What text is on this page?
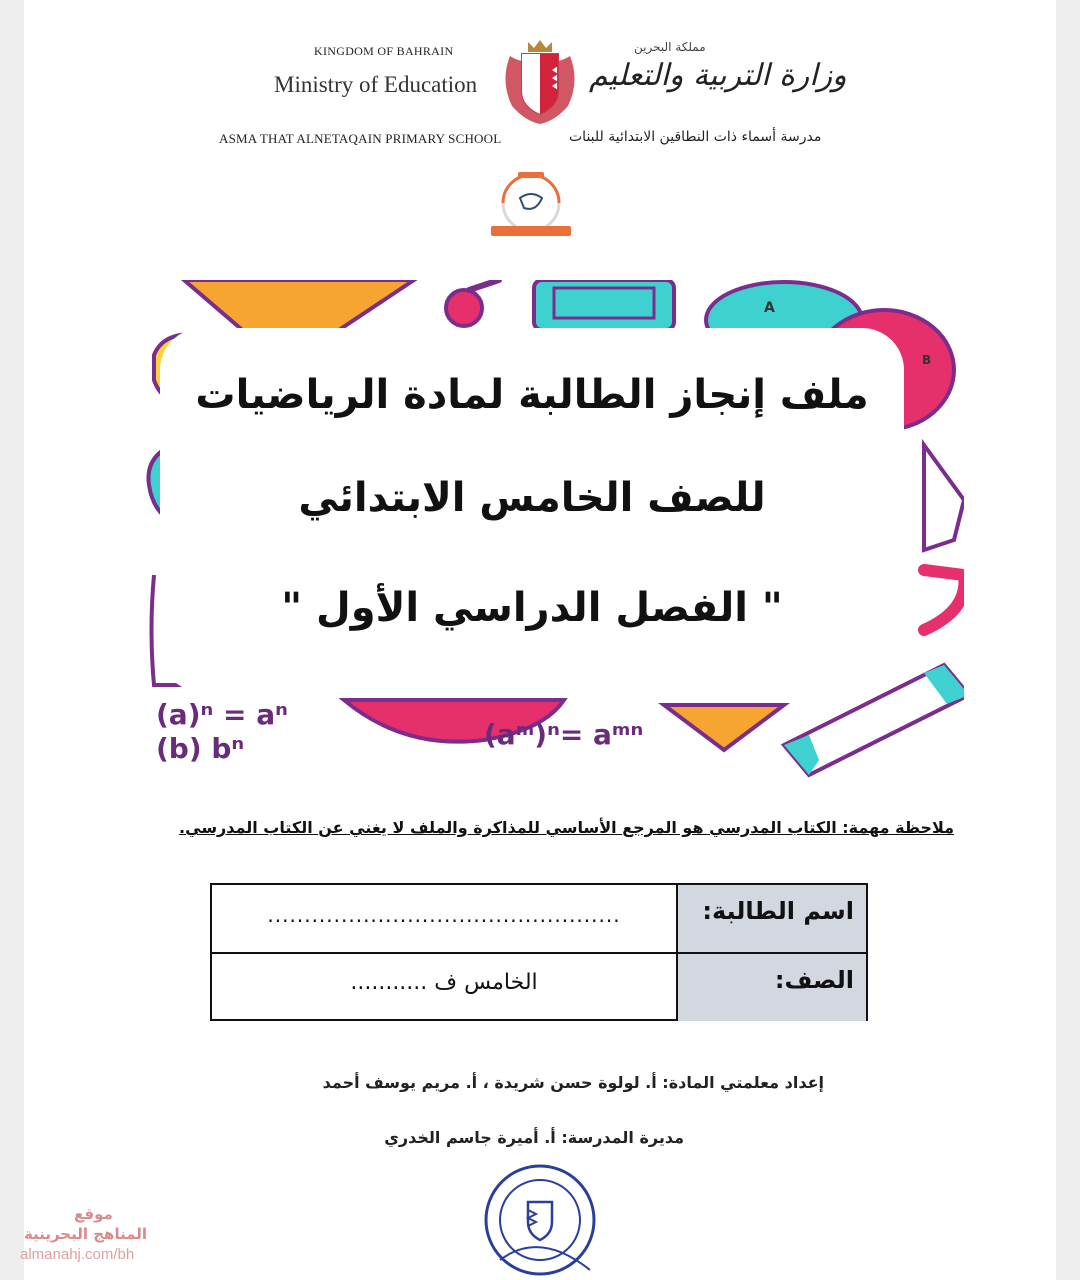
KINGDOM OF BAHRAIN
Ministry of Education
ASMA THAT ALNETAQAIN PRIMARY SCHOOL
مملكة البحرين
وزارة التربية والتعليم
مدرسة أسماء ذات النطاقين الابتدائية للبنات
A
B
(a)ⁿ = aⁿ
(b) bⁿ	(aᵐ)ⁿ= aᵐⁿ
ملف إنجاز الطالبة لمادة الرياضيات
للصف الخامس الابتدائي
" الفصل الدراسي الأول "
ملاحظة مهمة: الكتاب المدرسي هو المرجع الأساسي للمذاكرة والملف لا يغني عن الكتاب المدرسي.
اسم الطالبة:
................................................
الصف:
الخامس ف ...........
إعداد معلمتي المادة: أ. لولوة حسن شريدة ، أ. مريم يوسف أحمد
مديرة المدرسة: أ. أميرة جاسم الخدري
موقع
المناهج البحرينية
almanahj.com/bh
